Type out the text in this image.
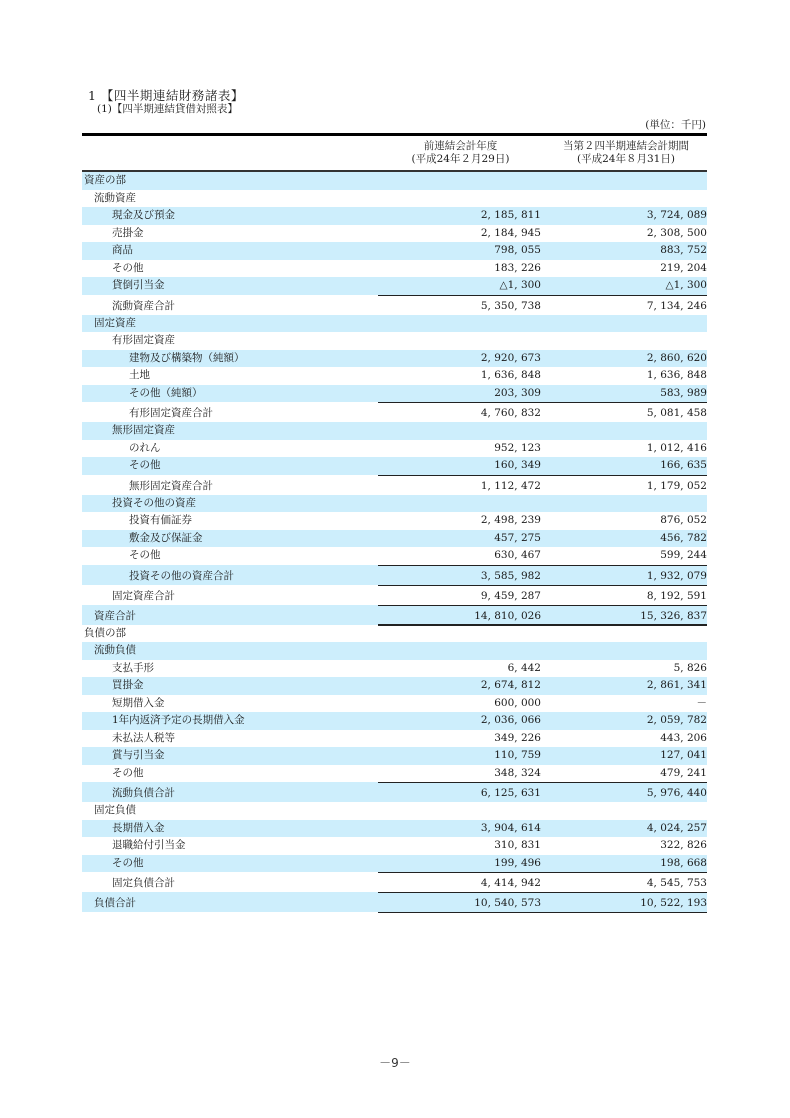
1 【四半期連結財務諸表】
(1)【四半期連結貸借対照表】
(単位：千円)
前連結会計年度
(平成24年２月29日)
当第２四半期連結会計期間
(平成24年８月31日)
資産の部
流動資産
現金及び預金	2, 185, 811	3, 724, 089
売掛金	2, 184, 945	2, 308, 500
商品	798, 055	883, 752
その他	183, 226	219, 204
貸倒引当金	△1, 300	△1, 300
流動資産合計	5, 350, 738	7, 134, 246
固定資産
有形固定資産
建物及び構築物（純額）	2, 920, 673	2, 860, 620
土地	1, 636, 848	1, 636, 848
その他（純額）	203, 309	583, 989
有形固定資産合計	4, 760, 832	5, 081, 458
無形固定資産
のれん	952, 123	1, 012, 416
その他	160, 349	166, 635
無形固定資産合計	1, 112, 472	1, 179, 052
投資その他の資産
投資有価証券	2, 498, 239	876, 052
敷金及び保証金	457, 275	456, 782
その他	630, 467	599, 244
投資その他の資産合計	3, 585, 982	1, 932, 079
固定資産合計	9, 459, 287	8, 192, 591
資産合計	14, 810, 026	15, 326, 837
負債の部
流動負債
支払手形	6, 442	5, 826
買掛金	2, 674, 812	2, 861, 341
短期借入金	600, 000	－
1年内返済予定の長期借入金	2, 036, 066	2, 059, 782
未払法人税等	349, 226	443, 206
賞与引当金	110, 759	127, 041
その他	348, 324	479, 241
流動負債合計	6, 125, 631	5, 976, 440
固定負債
長期借入金	3, 904, 614	4, 024, 257
退職給付引当金	310, 831	322, 826
その他	199, 496	198, 668
固定負債合計	4, 414, 942	4, 545, 753
負債合計	10, 540, 573	10, 522, 193
－9－
